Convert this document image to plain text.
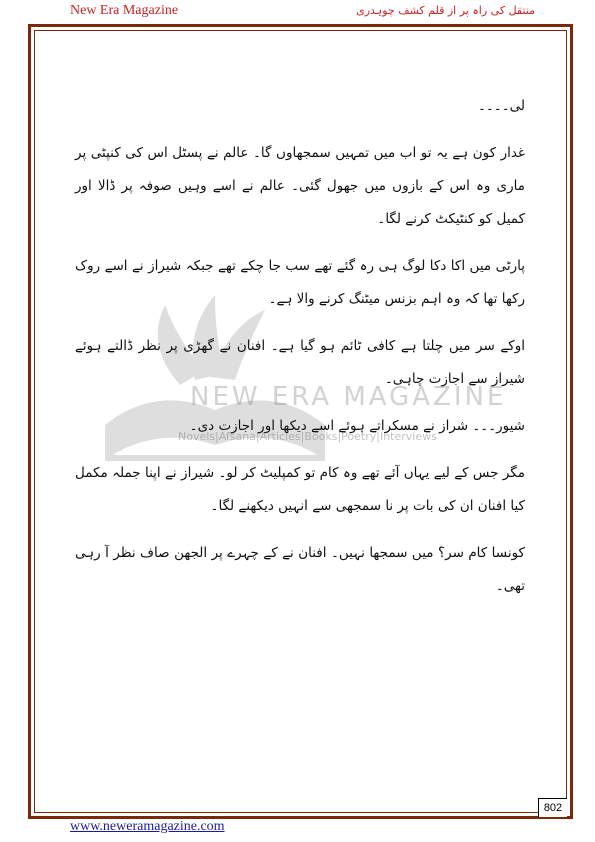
New Era Magazine	منتقل کی راہ پر از قلم کشف چوہدری
NEW ERA MAGAZINE
Novels|Afsana|Articles|Books|Poetry|Interviews

لی۔۔۔۔

غدار کون ہے یہ تو اب میں تمہیں سمجھاوں گا۔ عالم نے پسٹل اس کی کنپٹی پر ماری وہ اس کے بازوں میں جھول گئی۔ عالم نے اسے وہیں صوفہ پر ڈالا اور کمیل کو کنٹیکٹ کرنے لگا۔

پارٹی میں اکا دکا لوگ ہی رہ گئے تھے سب جا چکے تھے جبکہ شیراز نے اسے روک رکھا تھا کہ وہ اہم بزنس میٹنگ کرنے والا ہے۔

اوکے سر میں چلتا ہے کافی ٹائم ہو گیا ہے۔ افنان نے گھڑی پر نظر ڈالتے ہوئے شیراز سے اجازت چاہی۔

شیور۔۔۔ شراز نے مسکراتے ہوئے اسے دیکھا اور اجازت دی۔

مگر جس کے لیے یہاں آئے تھے وہ کام تو کمپلیٹ کر لو۔ شیراز نے اپنا جملہ مکمل کیا افنان ان کی بات پر نا سمجھی سے انہیں دیکھنے لگا۔

کونسا کام سر؟ میں سمجھا نہیں۔ افنان نے کے چہرے پر الجھن صاف نظر آ رہی تھی۔

802
www.neweramagazine.com
